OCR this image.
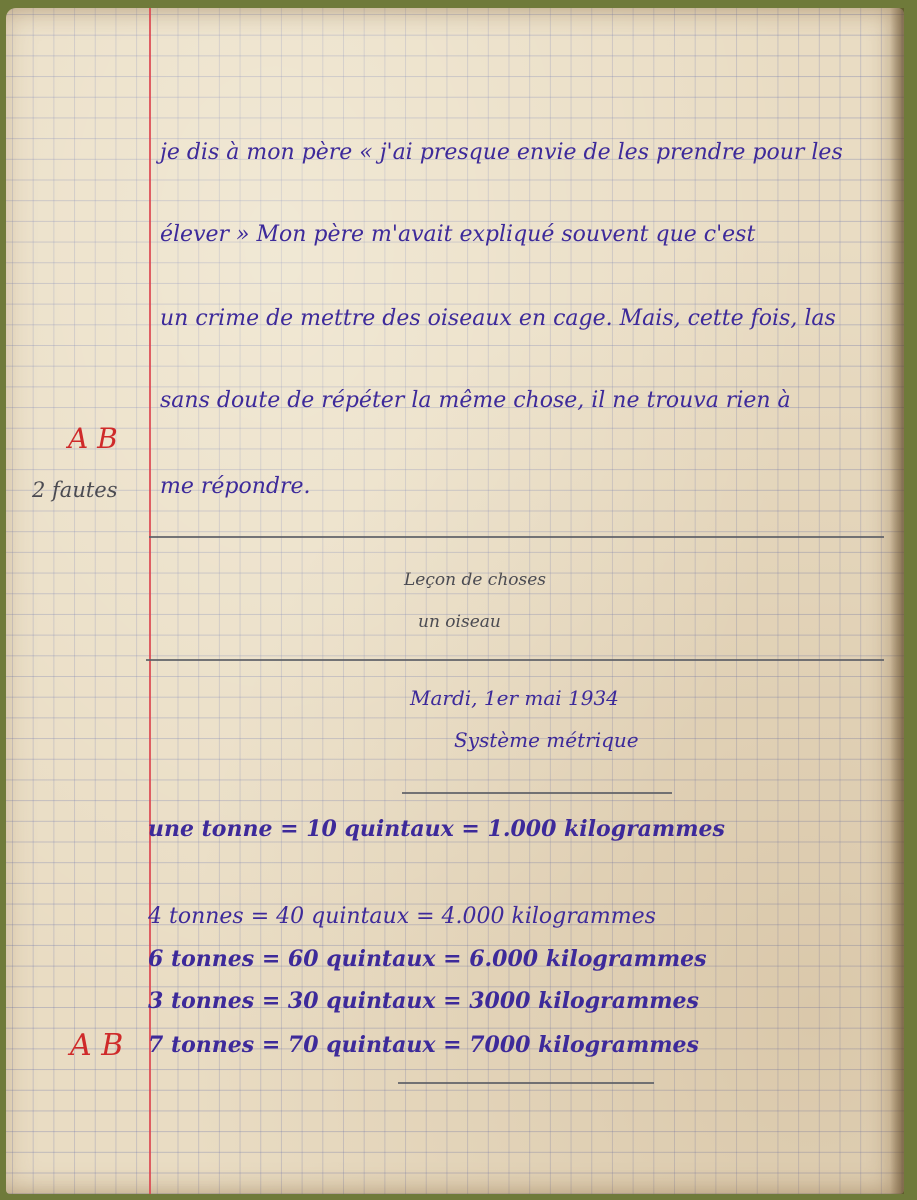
je dis à mon père « j'ai presque envie de les prendre pour les
élever » Mon père m'avait expliqué souvent que c'est
un crime de mettre des oiseaux en cage. Mais, cette fois, las
sans doute de répéter la même chose, il ne trouva rien à
me répondre.
A B
2 fautes
A B
Leçon de choses
un oiseau
Mardi, 1er mai 1934
Système métrique
une tonne = 10 quintaux = 1.000 kilogrammes
4 tonnes = 40 quintaux = 4.000 kilogrammes
6 tonnes = 60 quintaux = 6.000 kilogrammes
3 tonnes = 30 quintaux = 3000 kilogrammes
7 tonnes = 70 quintaux = 7000 kilogrammes
